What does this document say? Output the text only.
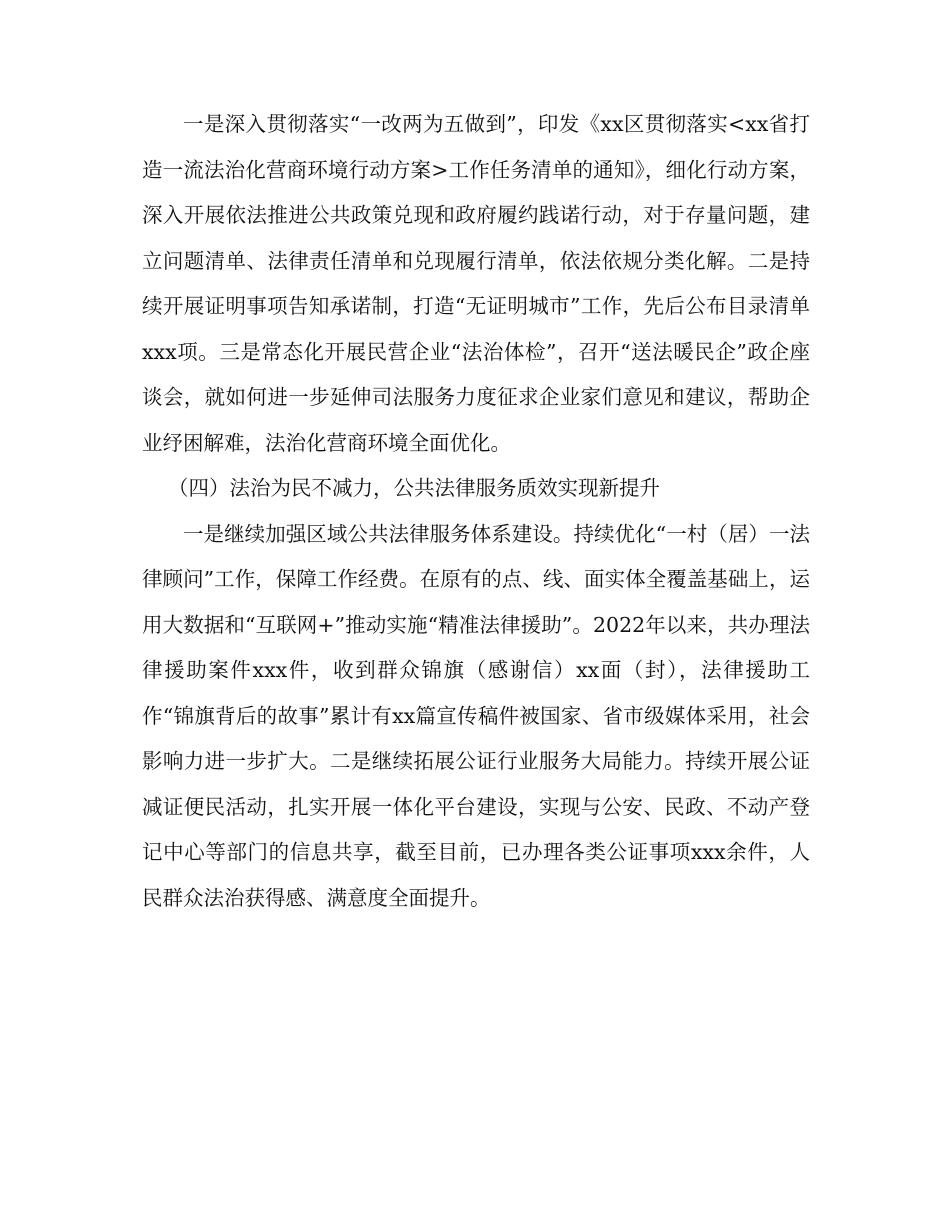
一是深入贯彻落实“一改两为五做到”，印发《xx区贯彻落实<xx省打造一流法治化营商环境行动方案>工作任务清单的通知》，细化行动方案，深入开展依法推进公共政策兑现和政府履约践诺行动，对于存量问题，建立问题清单、法律责任清单和兑现履行清单，依法依规分类化解。二是持续开展证明事项告知承诺制，打造“无证明城市”工作，先后公布目录清单xxx项。三是常态化开展民营企业“法治体检”，召开“送法暖民企”政企座谈会，就如何进一步延伸司法服务力度征求企业家们意见和建议，帮助企业纾困解难，法治化营商环境全面优化。

（四）法治为民不减力，公共法律服务质效实现新提升

一是继续加强区域公共法律服务体系建设。持续优化“一村（居）一法律顾问”工作，保障工作经费。在原有的点、线、面实体全覆盖基础上，运用大数据和“互联网+”推动实施“精准法律援助”。2022年以来，共办理法律援助案件xxx件，收到群众锦旗（感谢信）xx面（封），法律援助工作“锦旗背后的故事”累计有xx篇宣传稿件被国家、省市级媒体采用，社会影响力进一步扩大。二是继续拓展公证行业服务大局能力。持续开展公证减证便民活动，扎实开展一体化平台建设，实现与公安、民政、不动产登记中心等部门的信息共享，截至目前，已办理各类公证事项xxx余件，人民群众法治获得感、满意度全面提升。
